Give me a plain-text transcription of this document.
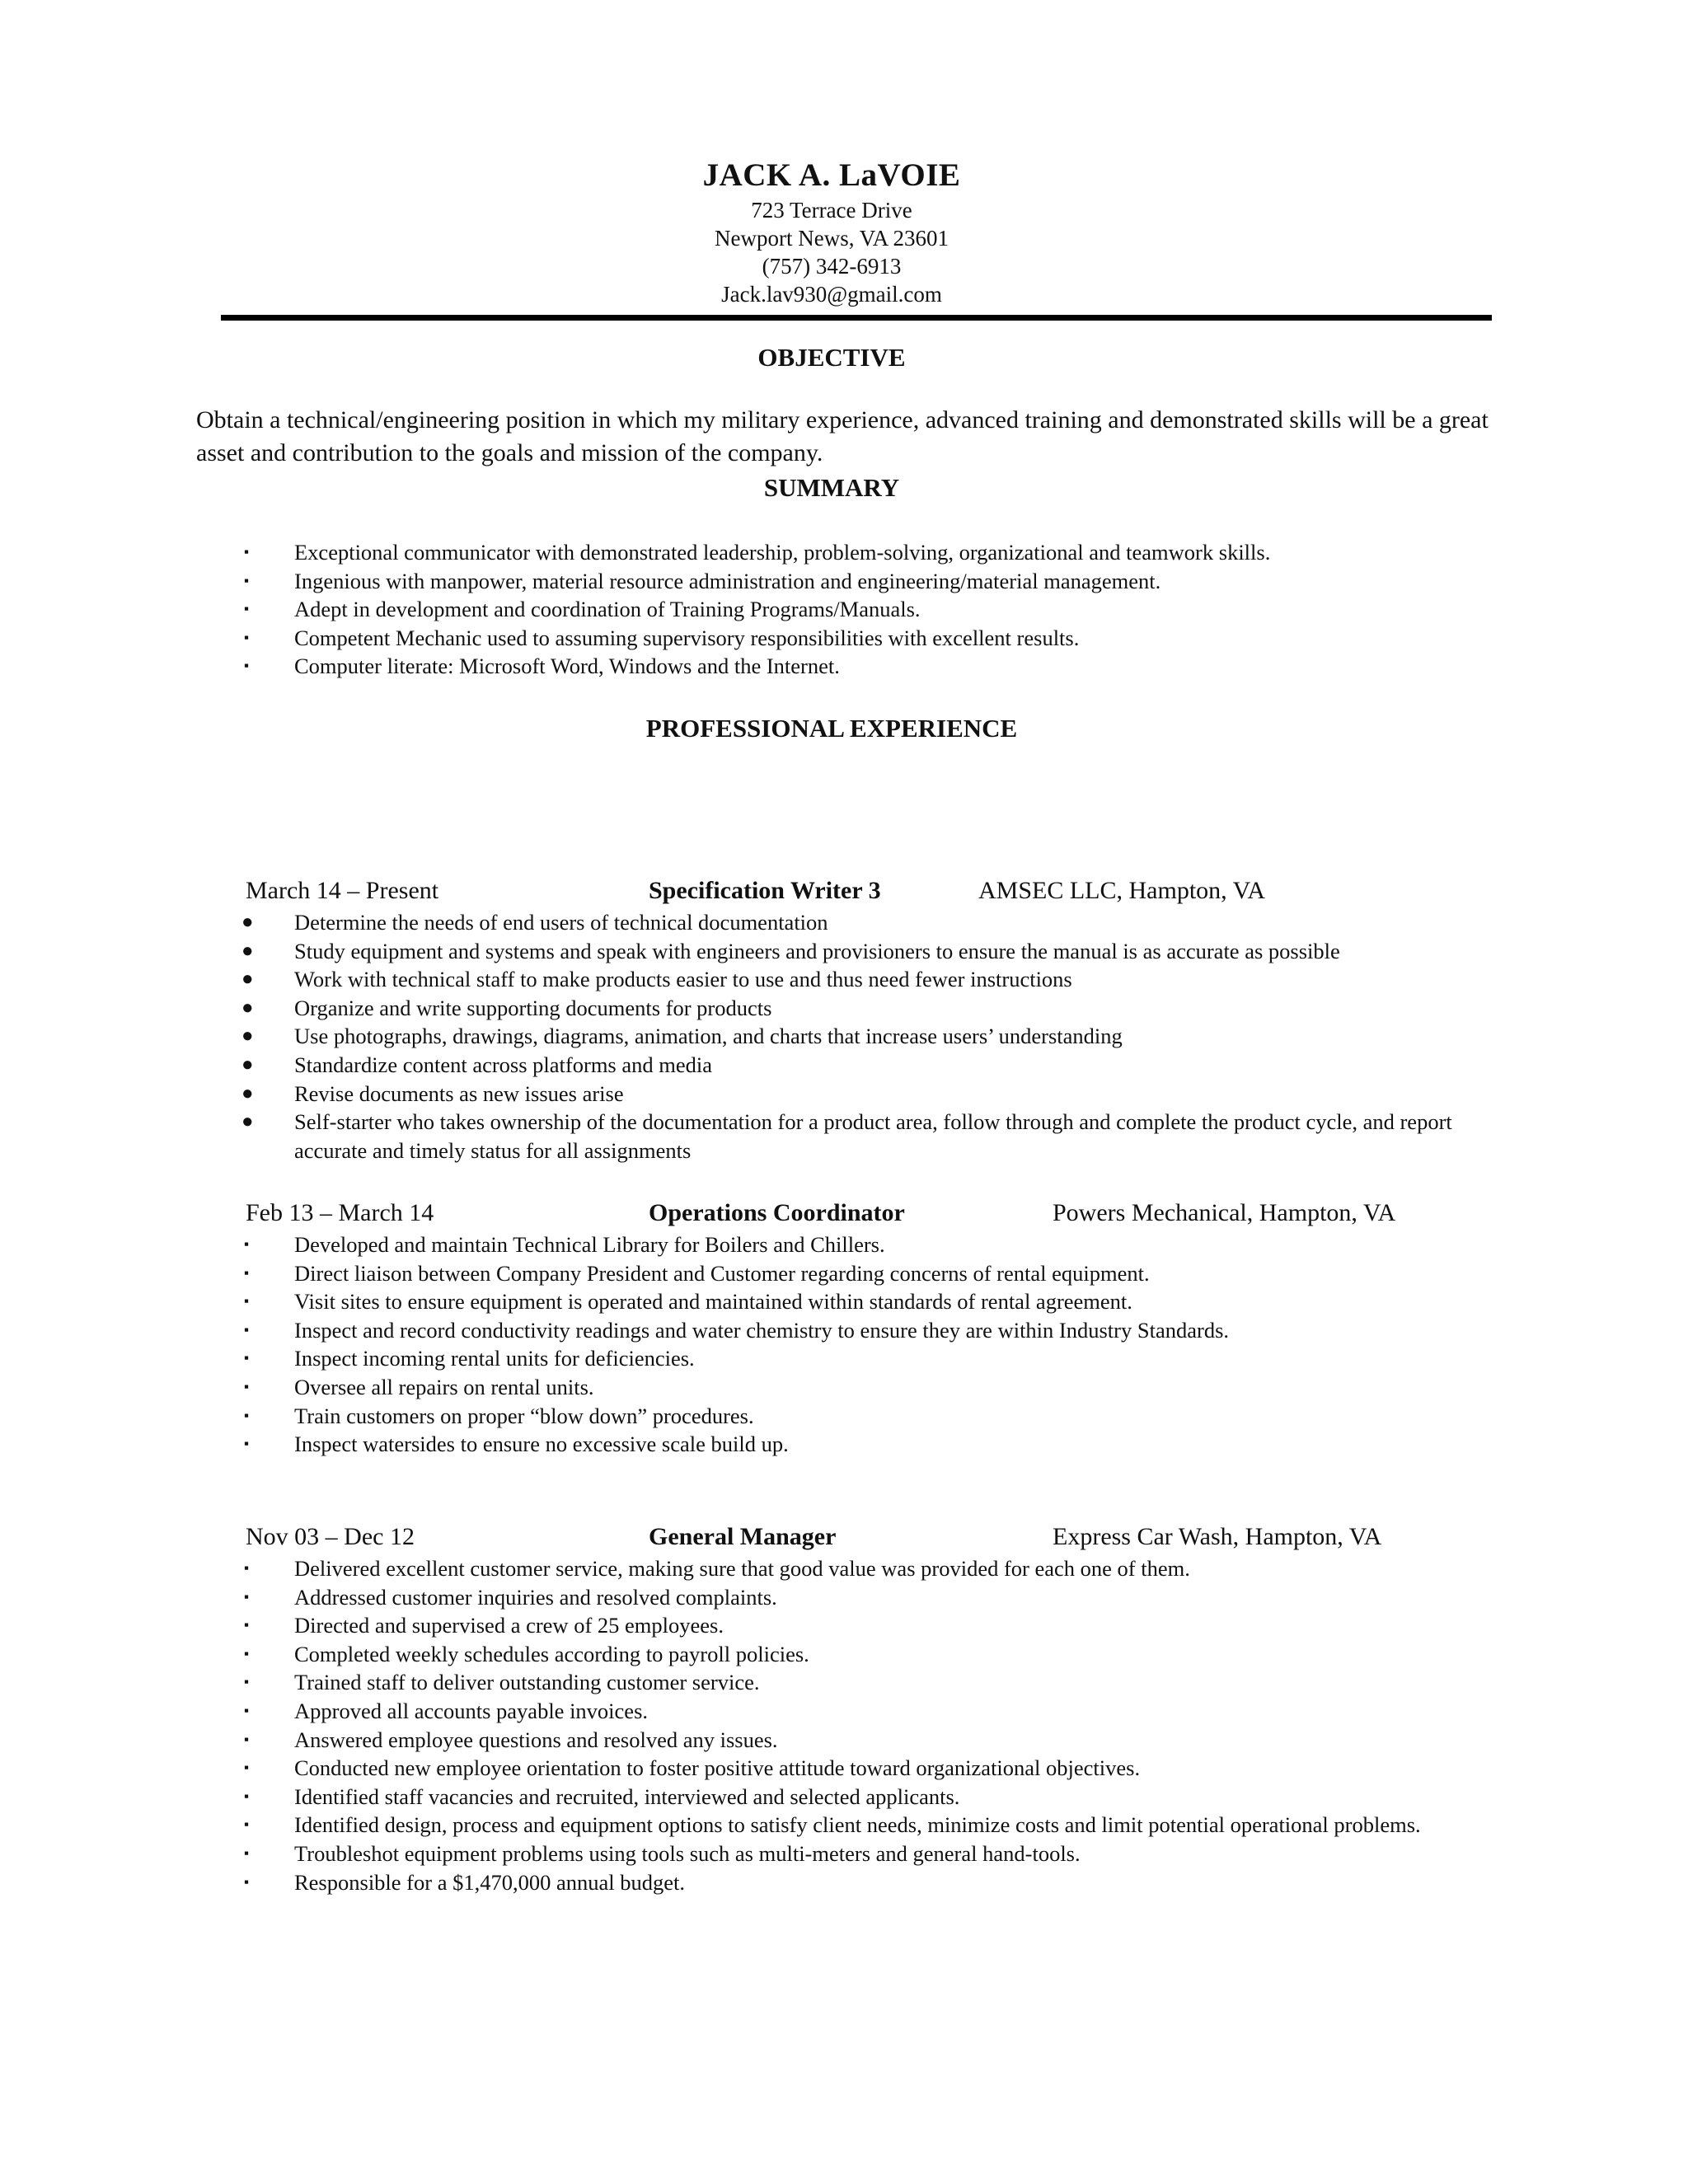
JACK A. LaVOIE
723 Terrace Drive
Newport News, VA 23601
(757) 342-6913
Jack.lav930@gmail.com
OBJECTIVE
Obtain a technical/engineering position in which my military experience, advanced training and demonstrated skills will be a great asset and contribution to the goals and mission of the company.
SUMMARY
▪ Exceptional communicator with demonstrated leadership, problem-solving, organizational and teamwork skills.
▪ Ingenious with manpower, material resource administration and engineering/material management.
▪ Adept in development and coordination of Training Programs/Manuals.
▪ Competent Mechanic used to assuming supervisory responsibilities with excellent results.
▪ Computer literate: Microsoft Word, Windows and the Internet.
PROFESSIONAL EXPERIENCE
March 14 – Present	Specification Writer 3	AMSEC LLC, Hampton, VA
● Determine the needs of end users of technical documentation
● Study equipment and systems and speak with engineers and provisioners to ensure the manual is as accurate as possible
● Work with technical staff to make products easier to use and thus need fewer instructions
● Organize and write supporting documents for products
● Use photographs, drawings, diagrams, animation, and charts that increase users’ understanding
● Standardize content across platforms and media
● Revise documents as new issues arise
● Self-starter who takes ownership of the documentation for a product area, follow through and complete the product cycle, and report accurate and timely status for all assignments
Feb 13 – March 14	Operations Coordinator	Powers Mechanical, Hampton, VA
▪ Developed and maintain Technical Library for Boilers and Chillers.
▪ Direct liaison between Company President and Customer regarding concerns of rental equipment.
▪ Visit sites to ensure equipment is operated and maintained within standards of rental agreement.
▪ Inspect and record conductivity readings and water chemistry to ensure they are within Industry Standards.
▪ Inspect incoming rental units for deficiencies.
▪ Oversee all repairs on rental units.
▪ Train customers on proper “blow down” procedures.
▪ Inspect watersides to ensure no excessive scale build up.
Nov 03 – Dec 12	General Manager	Express Car Wash, Hampton, VA
▪ Delivered excellent customer service, making sure that good value was provided for each one of them.
▪ Addressed customer inquiries and resolved complaints.
▪ Directed and supervised a crew of 25 employees.
▪ Completed weekly schedules according to payroll policies.
▪ Trained staff to deliver outstanding customer service.
▪ Approved all accounts payable invoices.
▪ Answered employee questions and resolved any issues.
▪ Conducted new employee orientation to foster positive attitude toward organizational objectives.
▪ Identified staff vacancies and recruited, interviewed and selected applicants.
▪ Identified design, process and equipment options to satisfy client needs, minimize costs and limit potential operational problems.
▪ Troubleshot equipment problems using tools such as multi-meters and general hand-tools.
▪ Responsible for a $1,470,000 annual budget.
